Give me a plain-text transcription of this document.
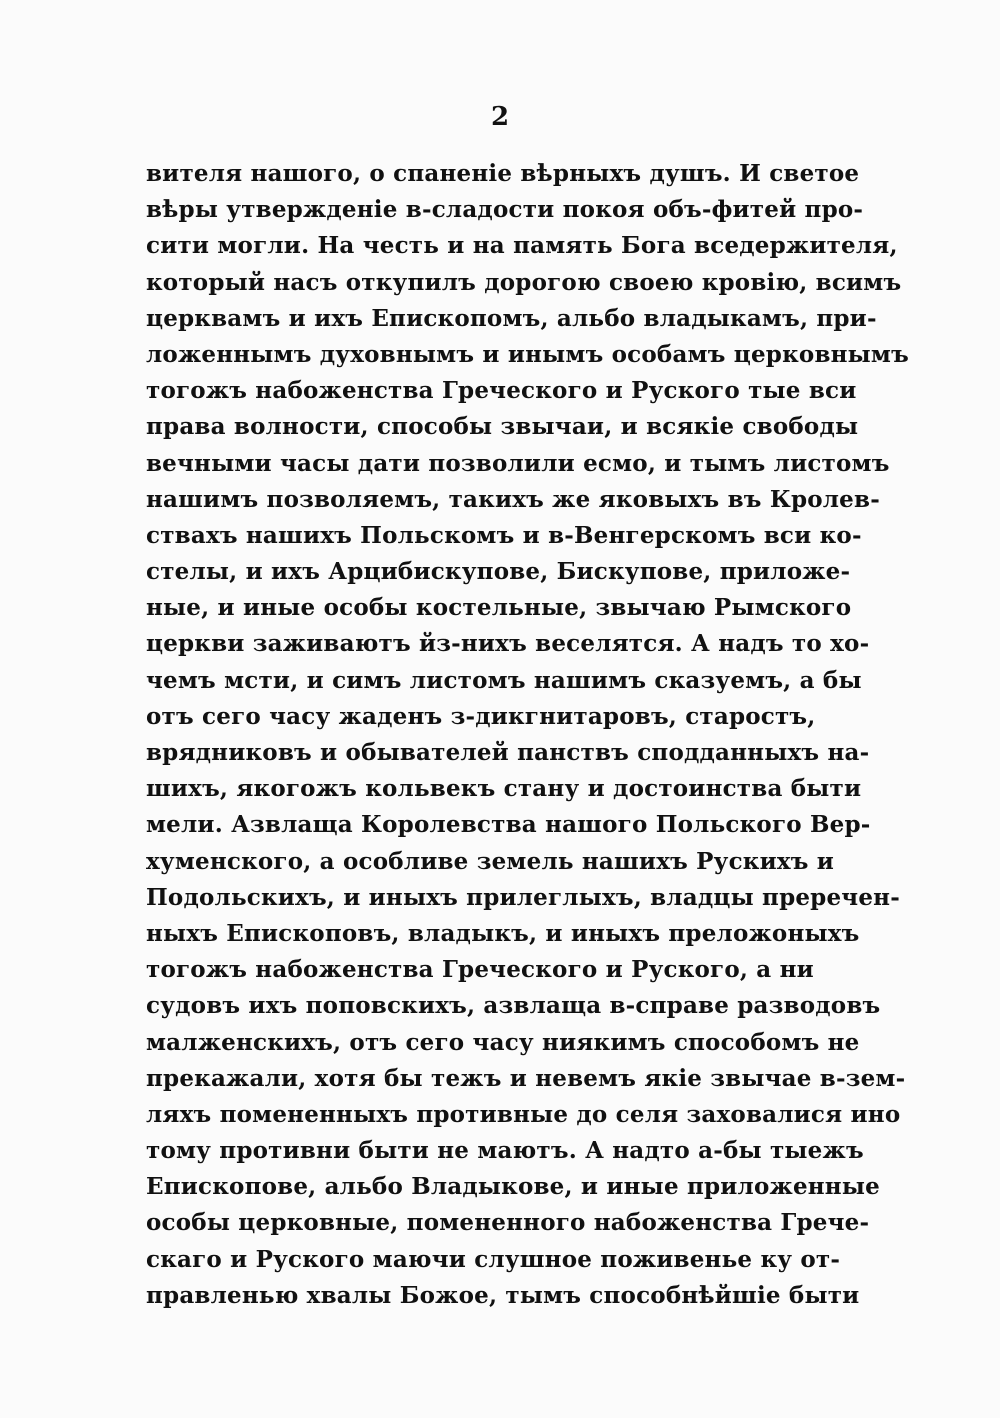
2
вителя нашого, о спаненіе вѣрныхъ душъ. И светое
вѣры утвержденіе в-сладости покоя объ-фитей про-
сити могли. На честь и на память Бога вседержителя,
который насъ откупилъ дорогою своею кровію, всимъ
церквамъ и ихъ Епископомъ, альбо владыкамъ, при-
ложеннымъ духовнымъ и инымъ особамъ церковнымъ
тогожъ набоженства Греческого и Руского тые вси
права волности, способы звычаи, и всякіе свободы
вечными часы дати позволили есмо, и тымъ листомъ
нашимъ позволяемъ, такихъ же яковыхъ въ Кролев-
ствахъ нашихъ Польскомъ и в-Венгерскомъ вси ко-
стелы, и ихъ Арцибискупове, Бискупове, приложе-
ные, и иные особы костельные, звычаю Рымского
церкви заживаютъ йз-нихъ веселятся. А надъ то хо-
чемъ мсти, и симъ листомъ нашимъ сказуемъ, а бы
отъ сего часу жаденъ з-дикгнитаровъ, старостъ,
врядниковъ и обывателей панствъ сподданныхъ на-
шихъ, якогожъ кольвекъ стану и достоинства быти
мели. Азвлаща Королевства нашого Польского Вер-
хуменского, а особливе земель нашихъ Рускихъ и
Подольскихъ, и иныхъ прилеглыхъ, владцы преречен-
ныхъ Епископовъ, владыкъ, и иныхъ преложоныхъ
тогожъ набоженства Греческого и Руского, а ни
судовъ ихъ поповскихъ, азвлаща в-справе разводовъ
малженскихъ, отъ сего часу ниякимъ способомъ не
прекажали, хотя бы тежъ и невемъ якіе звычае в-зем-
ляхъ помененныхъ противные до селя заховалися ино
тому противни быти не маютъ. А надто а-бы тыежъ
Епископове, альбо Владыкове, и иные приложенные
особы церковные, помененного набоженства Грече-
скаго и Руского маючи слушное поживенье ку от-
правленью хвалы Божое, тымъ способнѣйшіе быти
